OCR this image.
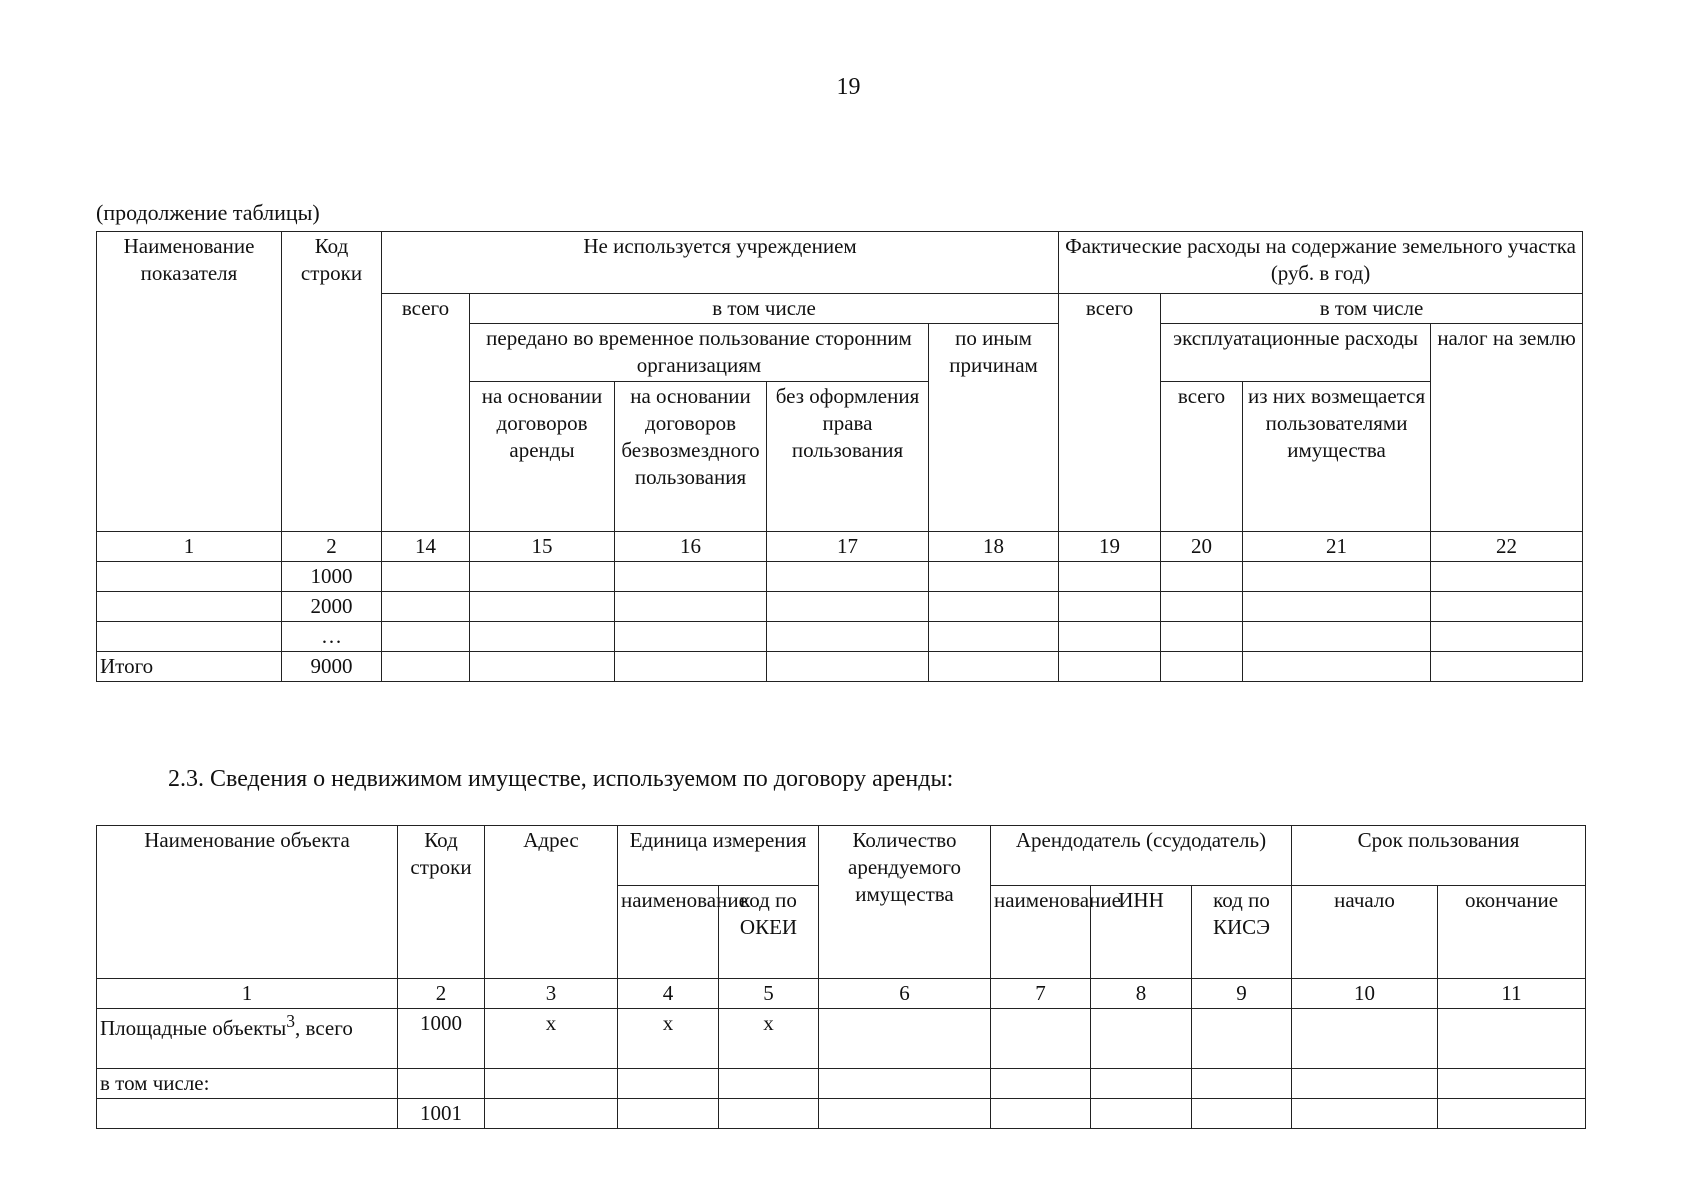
19
(продолжение таблицы)
Наименование показателя	Код строки	Не используется учреждением					Фактические расходы на содержание земельного участка (руб. в год)			
		всего	в том числе				всего	в том числе		
			передано во временное пользование сторонним организациям			по иным причинам		эксплуатационные расходы		налог на землю
			на основании договоров аренды	на основании договоров безвозмездного пользования	без оформления права пользования			всего	из них возмещается пользователями имущества	

1	2	14	15	16	17	18	19	20	21	22
	1000									
	2000									
	…									
Итого	9000									
2.3. Сведения о недвижимом имуществе, используемом по договору аренды:
Наименование объекта	Код строки	Адрес	Единица измерения		Количество арендуемого имущества	Арендодатель (ссудодатель)			Срок пользования	
			наименование	код по ОКЕИ		наименование	ИНН	код по КИСЭ	начало	окончание
1	2	3	4	5	6	7	8	9	10	11
Площадные объекты$^3$, всего	1000	х	х	х						
в том числе:										
	1001									
